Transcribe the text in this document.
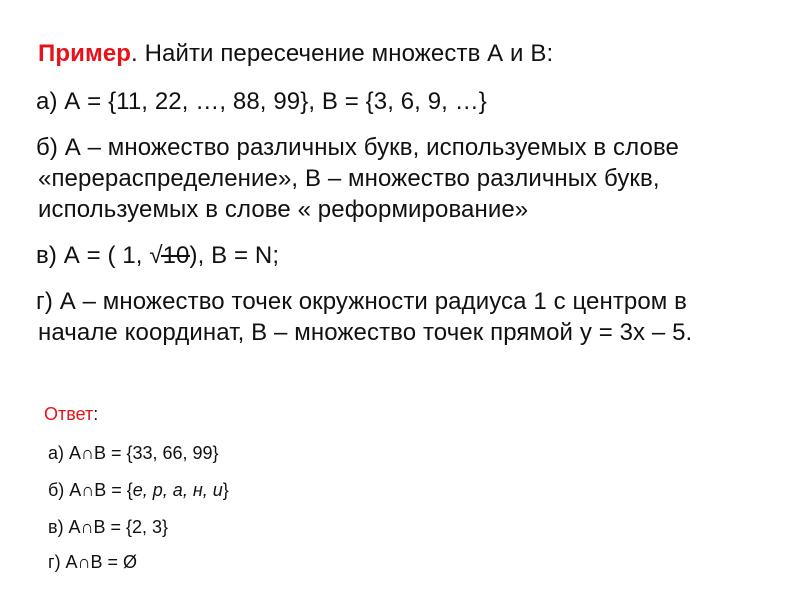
Пример. Найти пересечение множеств А и В:
а) А = {11, 22, …, 88, 99}, В = {3, 6, 9, …}
б) А – множество различных букв, используемых в слове
«перераспределение», В – множество различных букв,
используемых в слове « реформирование»
в) А = ( 1, √10
), В = N;
г) А – множество точек окружности радиуса 1 с центром в
начале координат, В – множество точек прямой у = 3х – 5.
Ответ:
а) А∩В = {33, 66, 99}
б) А∩В = {е, р, а, н, и}
в) А∩В = {2, 3}
г) А∩В = Ø
